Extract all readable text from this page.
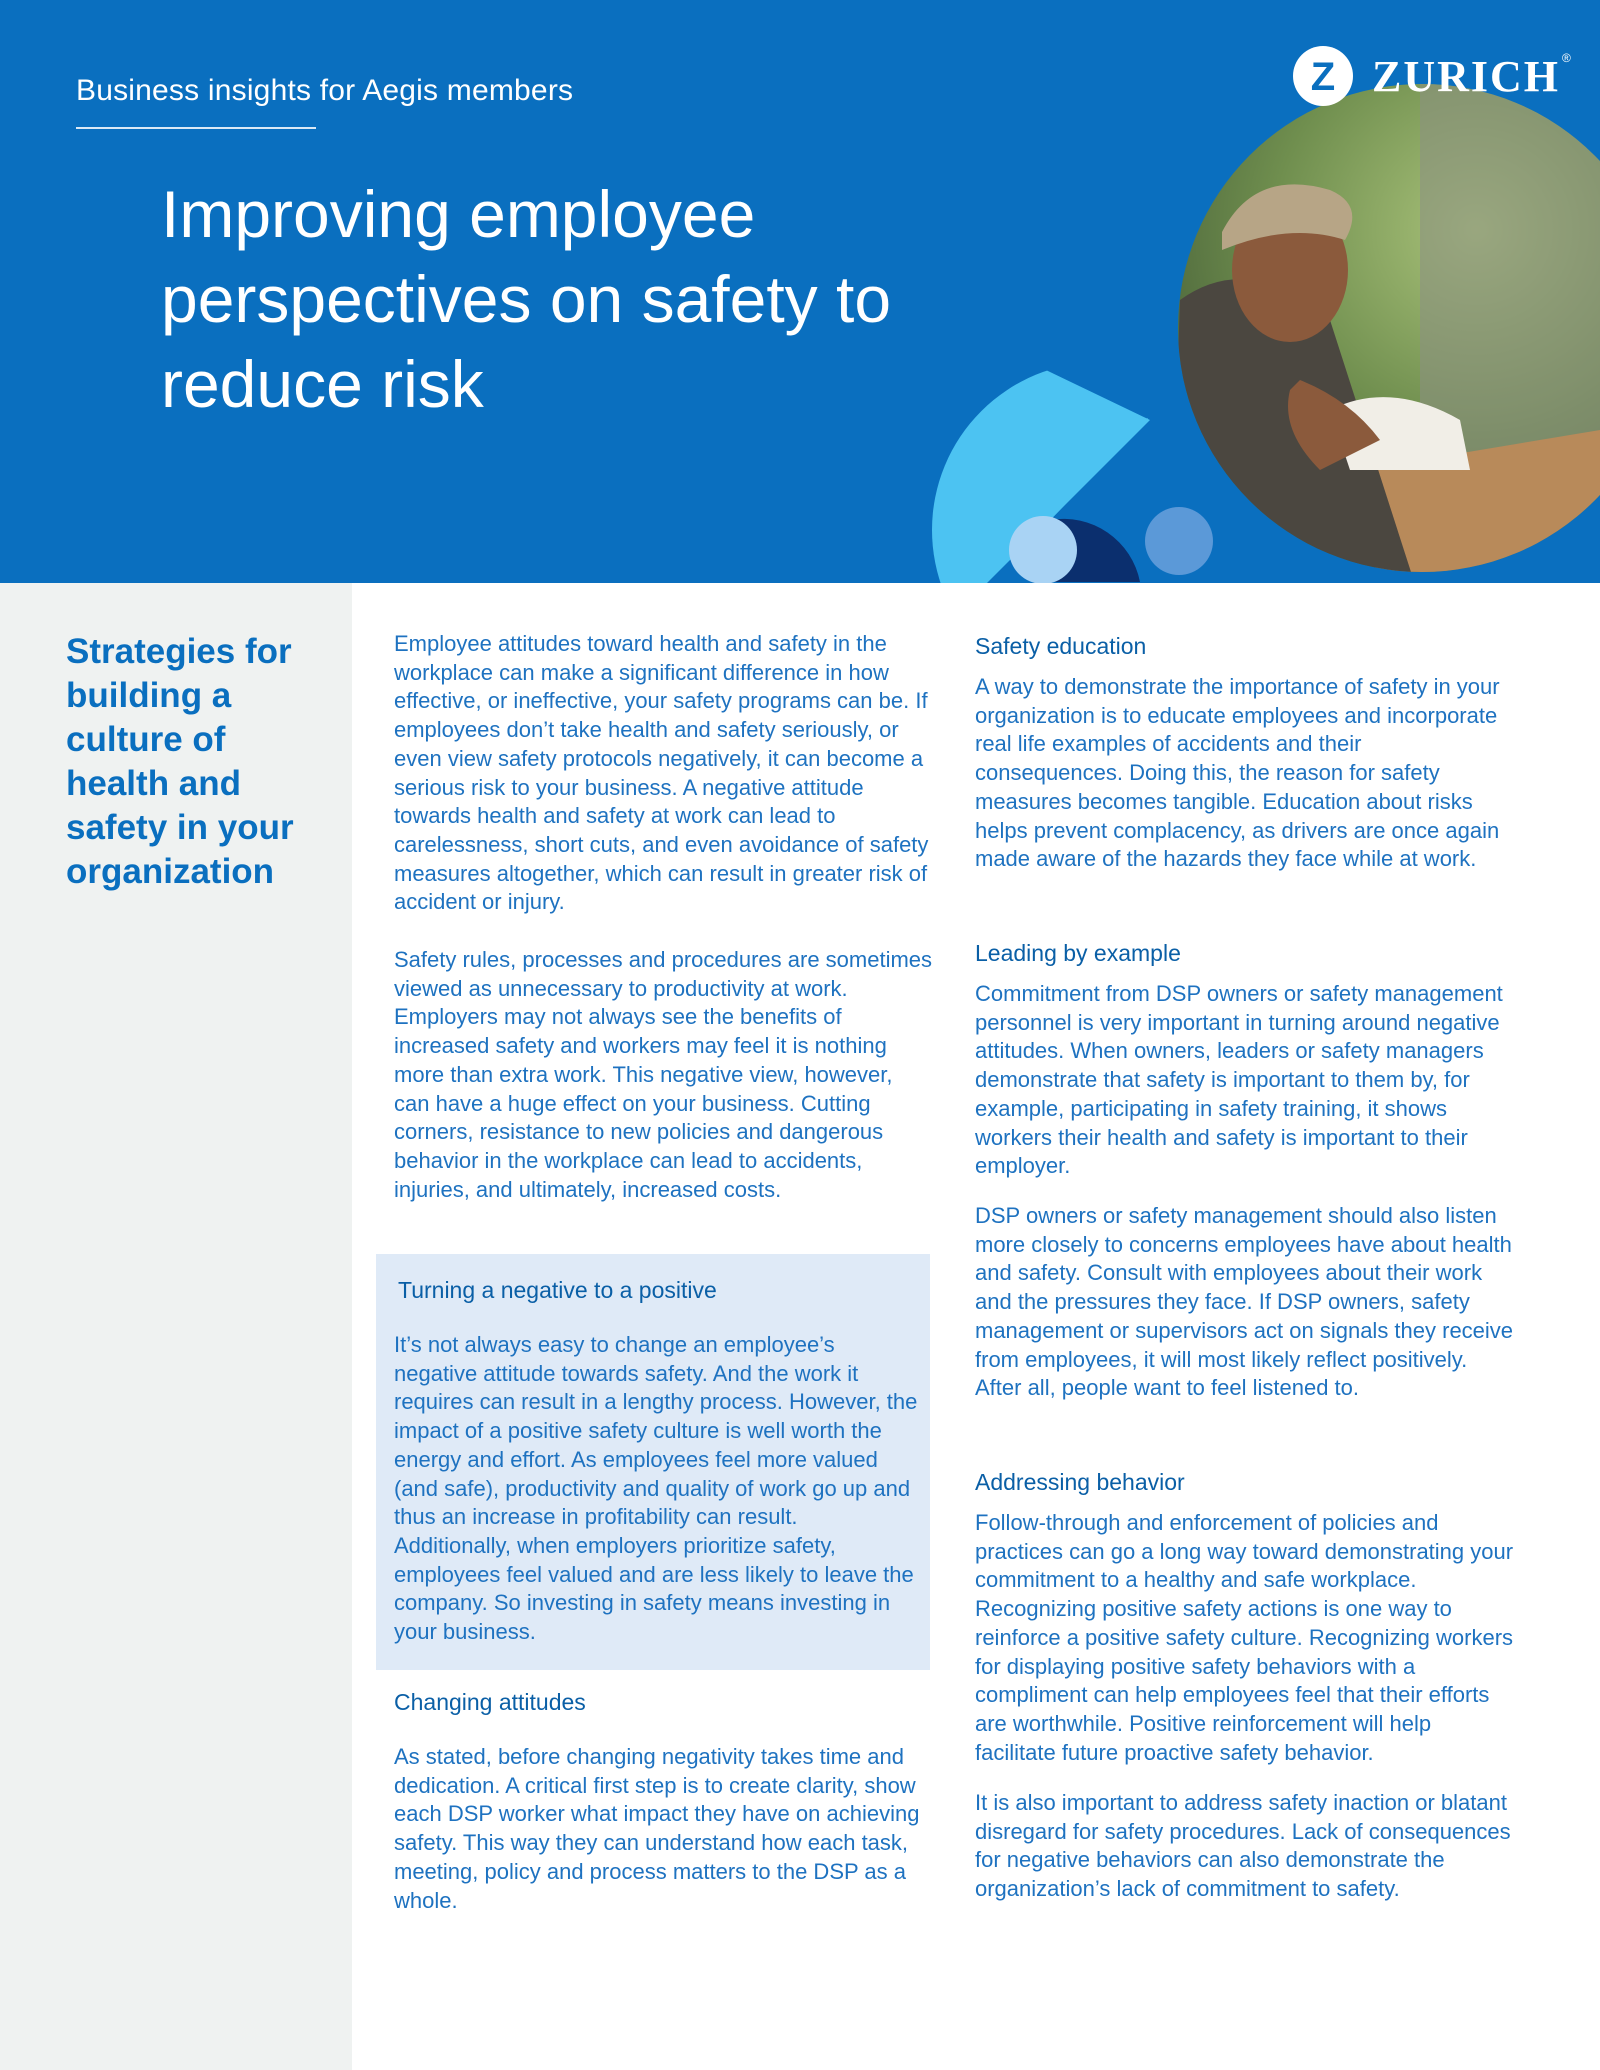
Business insights for Aegis members	Z ZURICH ®
Improving employee perspectives on safety to reduce risk
Strategies for building a culture of health and safety in your organization

Employee attitudes toward health and safety in the workplace can make a significant difference in how effective, or ineffective, your safety programs can be. If employees don’t take health and safety seriously, or even view safety protocols negatively, it can become a serious risk to your business. A negative attitude towards health and safety at work can lead to carelessness, short cuts, and even avoidance of safety measures altogether, which can result in greater risk of accident or injury.

Safety rules, processes and procedures are sometimes viewed as unnecessary to productivity at work. Employers may not always see the benefits of increased safety and workers may feel it is nothing more than extra work. This negative view, however, can have a huge effect on your business. Cutting corners, resistance to new policies and dangerous behavior in the workplace can lead to accidents, injuries, and ultimately, increased costs.

Turning a negative to a positive

It’s not always easy to change an employee’s negative attitude towards safety. And the work it requires can result in a lengthy process. However, the impact of a positive safety culture is well worth the energy and effort. As employees feel more valued (and safe), productivity and quality of work go up and thus an increase in profitability can result. Additionally, when employers prioritize safety, employees feel valued and are less likely to leave the company. So investing in safety means investing in your business.

Changing attitudes

As stated, before changing negativity takes time and dedication. A critical first step is to create clarity, show each DSP worker what impact they have on achieving safety. This way they can understand how each task, meeting, policy and process matters to the DSP as a whole.

Safety education

A way to demonstrate the importance of safety in your organization is to educate employees and incorporate real life examples of accidents and their consequences. Doing this, the reason for safety measures becomes tangible. Education about risks helps prevent complacency, as drivers are once again made aware of the hazards they face while at work.

Leading by example

Commitment from DSP owners or safety management personnel is very important in turning around negative attitudes. When owners, leaders or safety managers demonstrate that safety is important to them by, for example, participating in safety training, it shows workers their health and safety is important to their employer.

DSP owners or safety management should also listen more closely to concerns employees have about health and safety. Consult with employees about their work and the pressures they face. If DSP owners, safety management or supervisors act on signals they receive from employees, it will most likely reflect positively. After all, people want to feel listened to.

Addressing behavior

Follow-through and enforcement of policies and practices can go a long way toward demonstrating your commitment to a healthy and safe workplace. Recognizing positive safety actions is one way to reinforce a positive safety culture. Recognizing workers for displaying positive safety behaviors with a compliment can help employees feel that their efforts are worthwhile. Positive reinforcement will help facilitate future proactive safety behavior.

It is also important to address safety inaction or blatant disregard for safety procedures. Lack of consequences for negative behaviors can also demonstrate the organization’s lack of commitment to safety.
